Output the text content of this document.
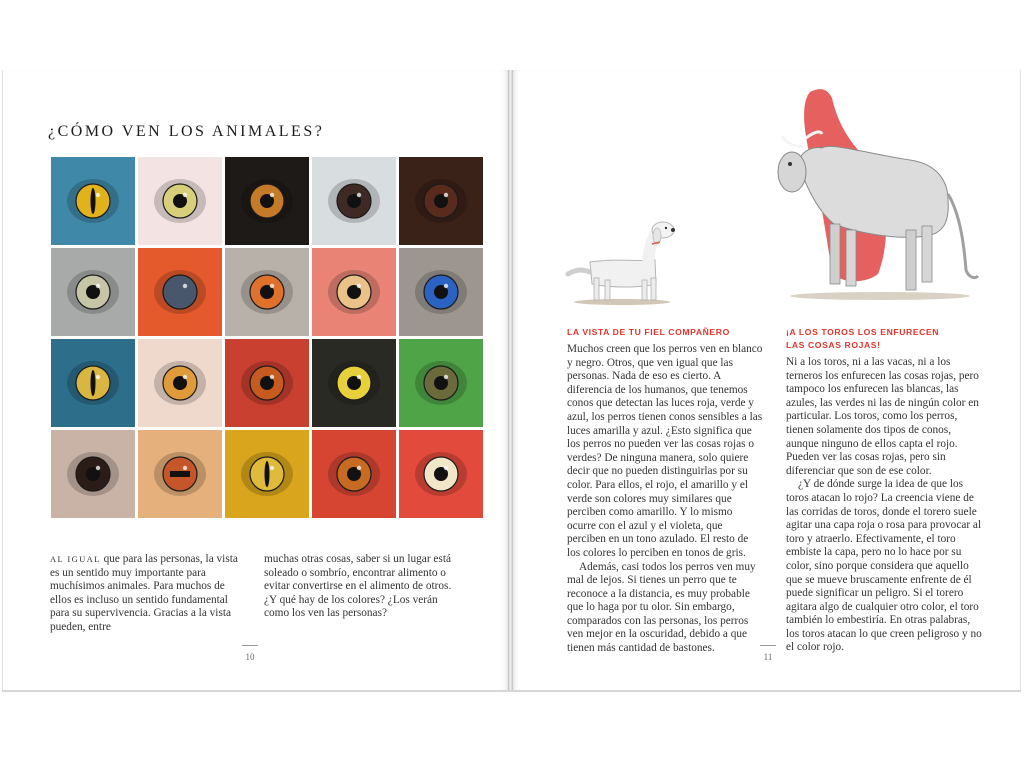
¿CÓMO VEN LOS ANIMALES?

AL IGUAL que para las personas, la vista es un sentido muy importante para muchísimos animales. Para muchos de ellos es incluso un sentido fundamental para su supervivencia. Gracias a la vista pueden, entre

muchas otras cosas, saber si un lugar está soleado o sombrío, encontrar alimento o evitar convertirse en el alimento de otros. ¿Y qué hay de los colores? ¿Los verán como los ven las personas?

10
LA VISTA DE TU FIEL COMPAÑERO

Muchos creen que los perros ven en blanco y negro. Otros, que ven igual que las personas. Nada de eso es cierto. A diferencia de los humanos, que tenemos conos que detectan las luces roja, verde y azul, los perros tienen conos sensibles a las luces amarilla y azul. ¿Esto significa que los perros no pueden ver las cosas rojas o verdes? De ninguna manera, solo quiere decir que no pueden distinguirlas por su color. Para ellos, el rojo, el amarillo y el verde son colores muy similares que perciben como amarillo. Y lo mismo ocurre con el azul y el violeta, que perciben en un tono azulado. El resto de los colores lo perciben en tonos de gris.
Además, casi todos los perros ven muy mal de lejos. Si tienes un perro que te reconoce a la distancia, es muy probable que lo haga por tu olor. Sin embargo, comparados con las personas, los perros ven mejor en la oscuridad, debido a que tienen más cantidad de bastones.

¡A LOS TOROS LOS ENFURECEN
LAS COSAS ROJAS!

Ni a los toros, ni a las vacas, ni a los terneros los enfurecen las cosas rojas, pero tampoco los enfurecen las blancas, las azules, las verdes ni las de ningún color en particular. Los toros, como los perros, tienen solamente dos tipos de conos, aunque ninguno de ellos capta el rojo. Pueden ver las cosas rojas, pero sin diferenciar que son de ese color.
¿Y de dónde surge la idea de que los toros atacan lo rojo? La creencia viene de las corridas de toros, donde el torero suele agitar una capa roja o rosa para provocar al toro y atraerlo. Efectivamente, el toro embiste la capa, pero no lo hace por su color, sino porque considera que aquello que se mueve bruscamente enfrente de él puede significar un peligro. Si el torero agitara algo de cualquier otro color, el toro también lo embestiría. En otras palabras, los toros atacan lo que creen peligroso y no el color rojo.

11
